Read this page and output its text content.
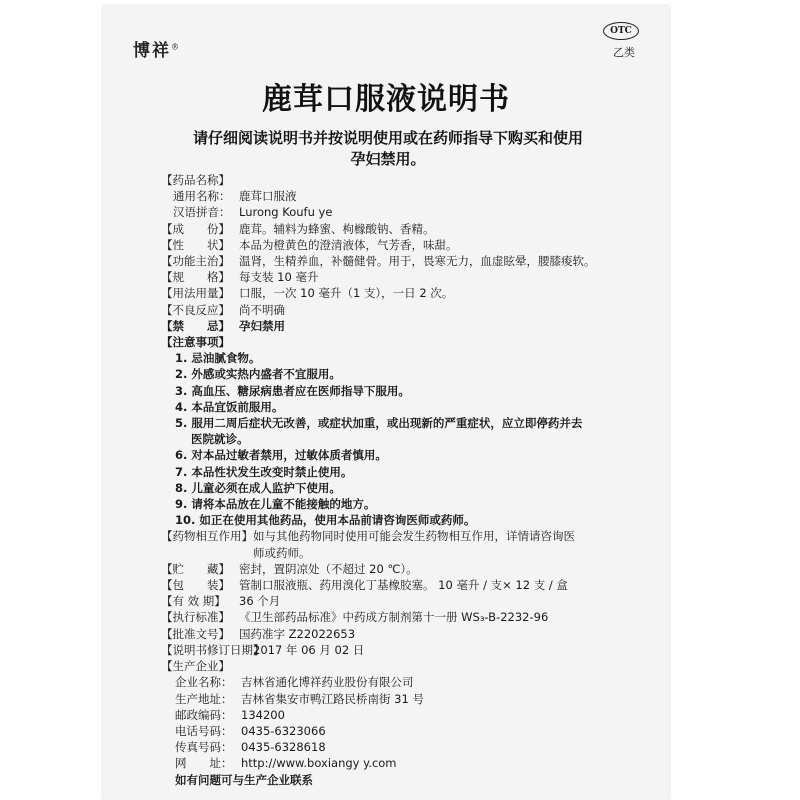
博祥®
OTC
乙类
鹿茸口服液说明书
请仔细阅读说明书并按说明使用或在药师指导下购买和使用
孕妇禁用。
【药品名称】
通用名称： 鹿茸口服液
汉语拼音： Lurong Koufu ye
【成　　份】 鹿茸。辅料为蜂蜜、枸橼酸钠、香精。
【性　　状】 本品为橙黄色的澄清液体，气芳香，味甜。
【功能主治】 温肾，生精养血，补髓健骨。用于，畏寒无力，血虚眩晕，腰膝痠软。
【规　　格】 每支装 10 毫升
【用法用量】 口服，一次 10 毫升（1 支），一日 2 次。
【不良反应】 尚不明确
【禁　　忌】 孕妇禁用
【注意事项】
1. 忌油腻食物。
2. 外感或实热内盛者不宜服用。
3. 高血压、糖尿病患者应在医师指导下服用。
4. 本品宜饭前服用。
5. 服用二周后症状无改善，或症状加重，或出现新的严重症状，应立即停药并去
医院就诊。
6. 对本品过敏者禁用，过敏体质者慎用。
7. 本品性状发生改变时禁止使用。
8. 儿童必须在成人监护下使用。
9. 请将本品放在儿童不能接触的地方。
10. 如正在使用其他药品，使用本品前请咨询医师或药师。
【药物相互作用】 如与其他药物同时使用可能会发生药物相互作用，详情请咨询医
师或药师。
【贮　　藏】 密封，置阴凉处（不超过 20 ℃）。
【包　　装】 管制口服液瓶、药用溴化丁基橡胶塞。 10 毫升 / 支× 12 支 / 盒
【有 效 期】	36 个月
【执行标准】 《卫生部药品标准》中药成方制剂第十一册 WS₃-B-2232-96
【批准文号】 国药准字 Z22022653
【说明书修订日期】
2017 年 06 月 02 日
【生产企业】
企业名称： 吉林省通化博祥药业股份有限公司
生产地址： 吉林省集安市鸭江路民桥南街 31 号
邮政编码： 134200
电话号码： 0435-6323066
传真号码： 0435-6328618
网　　址： http://www.boxiangy y.com
如有问题可与生产企业联系
